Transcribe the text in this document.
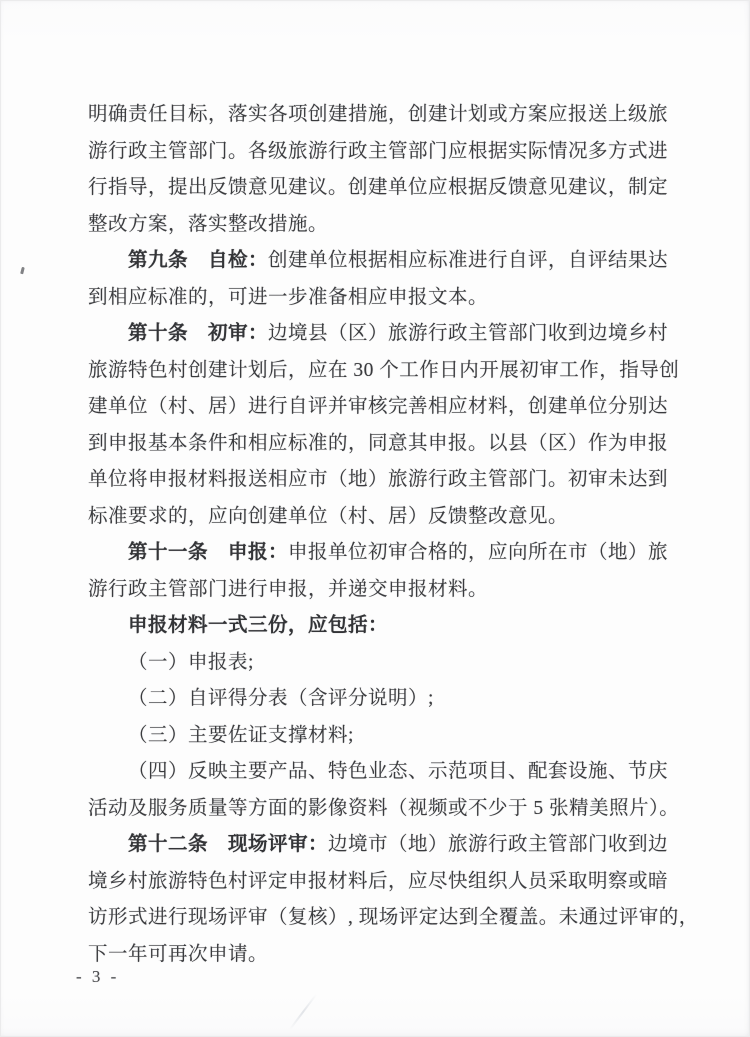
明确责任目标，落实各项创建措施，创建计划或方案应报送上级旅
游行政主管部门。各级旅游行政主管部门应根据实际情况多方式进
行指导，提出反馈意见建议。创建单位应根据反馈意见建议，制定
整改方案，落实整改措施。
第九条　自检：创建单位根据相应标准进行自评，自评结果达
到相应标准的，可进一步准备相应申报文本。
第十条　初审：边境县（区）旅游行政主管部门收到边境乡村
旅游特色村创建计划后，应在 30 个工作日内开展初审工作，指导创
建单位（村、居）进行自评并审核完善相应材料，创建单位分别达
到申报基本条件和相应标准的，同意其申报。以县（区）作为申报
单位将申报材料报送相应市（地）旅游行政主管部门。初审未达到
标准要求的，应向创建单位（村、居）反馈整改意见。
第十一条　申报：申报单位初审合格的，应向所在市（地）旅
游行政主管部门进行申报，并递交申报材料。
申报材料一式三份，应包括：
（一）申报表;
（二）自评得分表（含评分说明）;
（三）主要佐证支撑材料;
（四）反映主要产品、特色业态、示范项目、配套设施、节庆
活动及服务质量等方面的影像资料（视频或不少于 5 张精美照片）。
第十二条　现场评审：边境市（地）旅游行政主管部门收到边
境乡村旅游特色村评定申报材料后，应尽快组织人员采取明察或暗
访形式进行现场评审（复核）, 现场评定达到全覆盖。未通过评审的，
下一年可再次申请。
- 3 -
